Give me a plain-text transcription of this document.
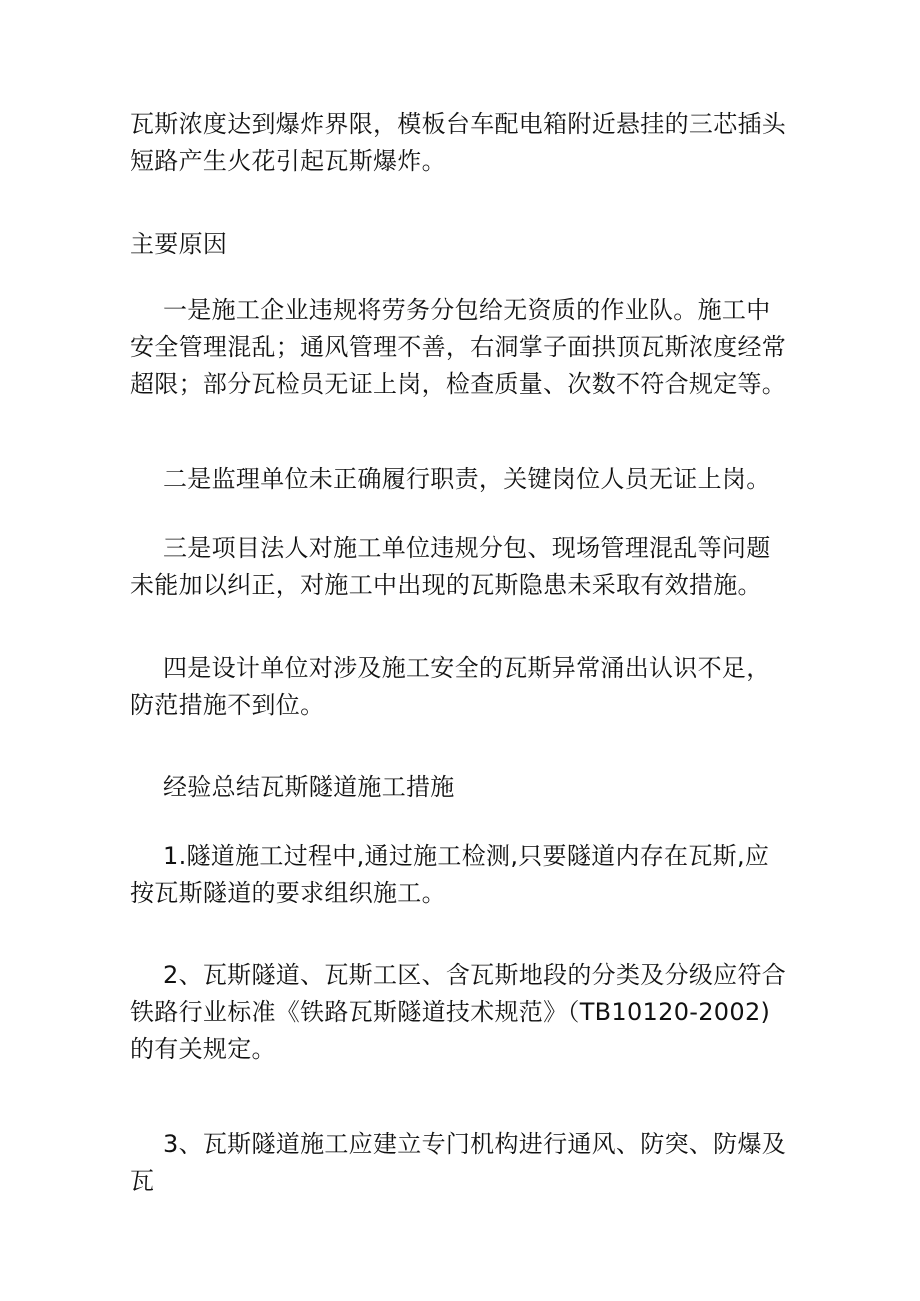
瓦斯浓度达到爆炸界限，模板台车配电箱附近悬挂的三芯插头短路产生火花引起瓦斯爆炸。

主要原因

一是施工企业违规将劳务分包给无资质的作业队。施工中安全管理混乱；通风管理不善，右洞掌子面拱顶瓦斯浓度经常超限；部分瓦检员无证上岗，检查质量、次数不符合规定等。

二是监理单位未正确履行职责，关键岗位人员无证上岗。

三是项目法人对施工单位违规分包、现场管理混乱等问题未能加以纠正，对施工中出现的瓦斯隐患未采取有效措施。

四是设计单位对涉及施工安全的瓦斯异常涌出认识不足，防范措施不到位。

经验总结瓦斯隧道施工措施

1.隧道施工过程中,通过施工检测,只要隧道内存在瓦斯,应按瓦斯隧道的要求组织施工。

2、瓦斯隧道、瓦斯工区、含瓦斯地段的分类及分级应符合铁路行业标准《铁路瓦斯隧道技术规范》（TB10120-2002)的有关规定。

3、瓦斯隧道施工应建立专门机构进行通风、防突、防爆及瓦
